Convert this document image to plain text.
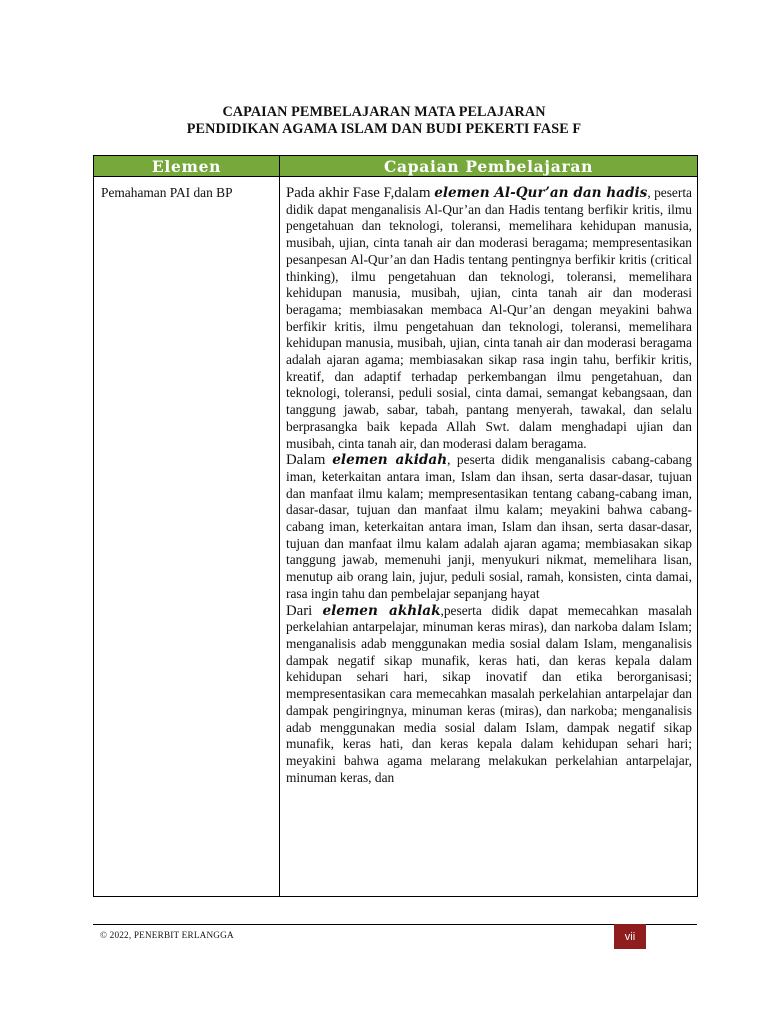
CAPAIAN PEMBELAJARAN MATA PELAJARAN
PENDIDIKAN AGAMA ISLAM DAN BUDI PEKERTI FASE F
Elemen	Capaian Pembelajaran
Pemahaman PAI dan BP	Pada akhir Fase F,dalam elemen Al-Qur’an dan hadis, peserta didik dapat menganalisis Al-Qur’an dan Hadis tentang berfikir kritis, ilmu pengetahuan dan teknologi, toleransi, memelihara kehidupan manusia, musibah, ujian, cinta tanah air dan moderasi beragama; mempresentasikan pesanpesan Al-Qur’an dan Hadis tentang pentingnya berfikir kritis (critical thinking), ilmu pengetahuan dan teknologi, toleransi, memelihara kehidupan manusia, musibah, ujian, cinta tanah air dan moderasi beragama; membiasakan membaca Al-Qur’an dengan meyakini bahwa berfikir kritis, ilmu pengetahuan dan teknologi, toleransi, memelihara kehidupan manusia, musibah, ujian, cinta tanah air dan moderasi beragama adalah ajaran agama; membiasakan sikap rasa ingin tahu, berfikir kritis, kreatif, dan adaptif terhadap perkembangan ilmu pengetahuan, dan teknologi, toleransi, peduli sosial, cinta damai, semangat kebangsaan, dan tanggung jawab, sabar, tabah, pantang menyerah, tawakal, dan selalu berprasangka baik kepada Allah Swt. dalam menghadapi ujian dan musibah, cinta tanah air, dan moderasi dalam beragama.

Dalam elemen akidah, peserta didik menganalisis cabang-cabang iman, keterkaitan antara iman, Islam dan ihsan, serta dasar-dasar, tujuan dan manfaat ilmu kalam; mempresentasikan tentang cabang-cabang iman, dasar-dasar, tujuan dan manfaat ilmu kalam; meyakini bahwa cabang-cabang iman, keterkaitan antara iman, Islam dan ihsan, serta dasar-dasar, tujuan dan manfaat ilmu kalam adalah ajaran agama; membiasakan sikap tanggung jawab, memenuhi janji, menyukuri nikmat, memelihara lisan, menutup aib orang lain, jujur, peduli sosial, ramah, konsisten, cinta damai, rasa ingin tahu dan pembelajar sepanjang hayat

Dari elemen akhlak,peserta didik dapat memecahkan masalah perkelahian antarpelajar, minuman keras miras), dan narkoba dalam Islam; menganalisis adab menggunakan media sosial dalam Islam, menganalisis dampak negatif sikap munafik, keras hati, dan keras kepala dalam kehidupan sehari hari, sikap inovatif dan etika berorganisasi; mempresentasikan cara memecahkan masalah perkelahian antarpelajar dan dampak pengiringnya, minuman keras (miras), dan narkoba; menganalisis adab menggunakan media sosial dalam Islam, dampak negatif sikap munafik, keras hati, dan keras kepala dalam kehidupan sehari hari; meyakini bahwa agama melarang melakukan perkelahian antarpelajar, minuman keras, dan

© 2022, PENERBIT ERLANGGA	vii
